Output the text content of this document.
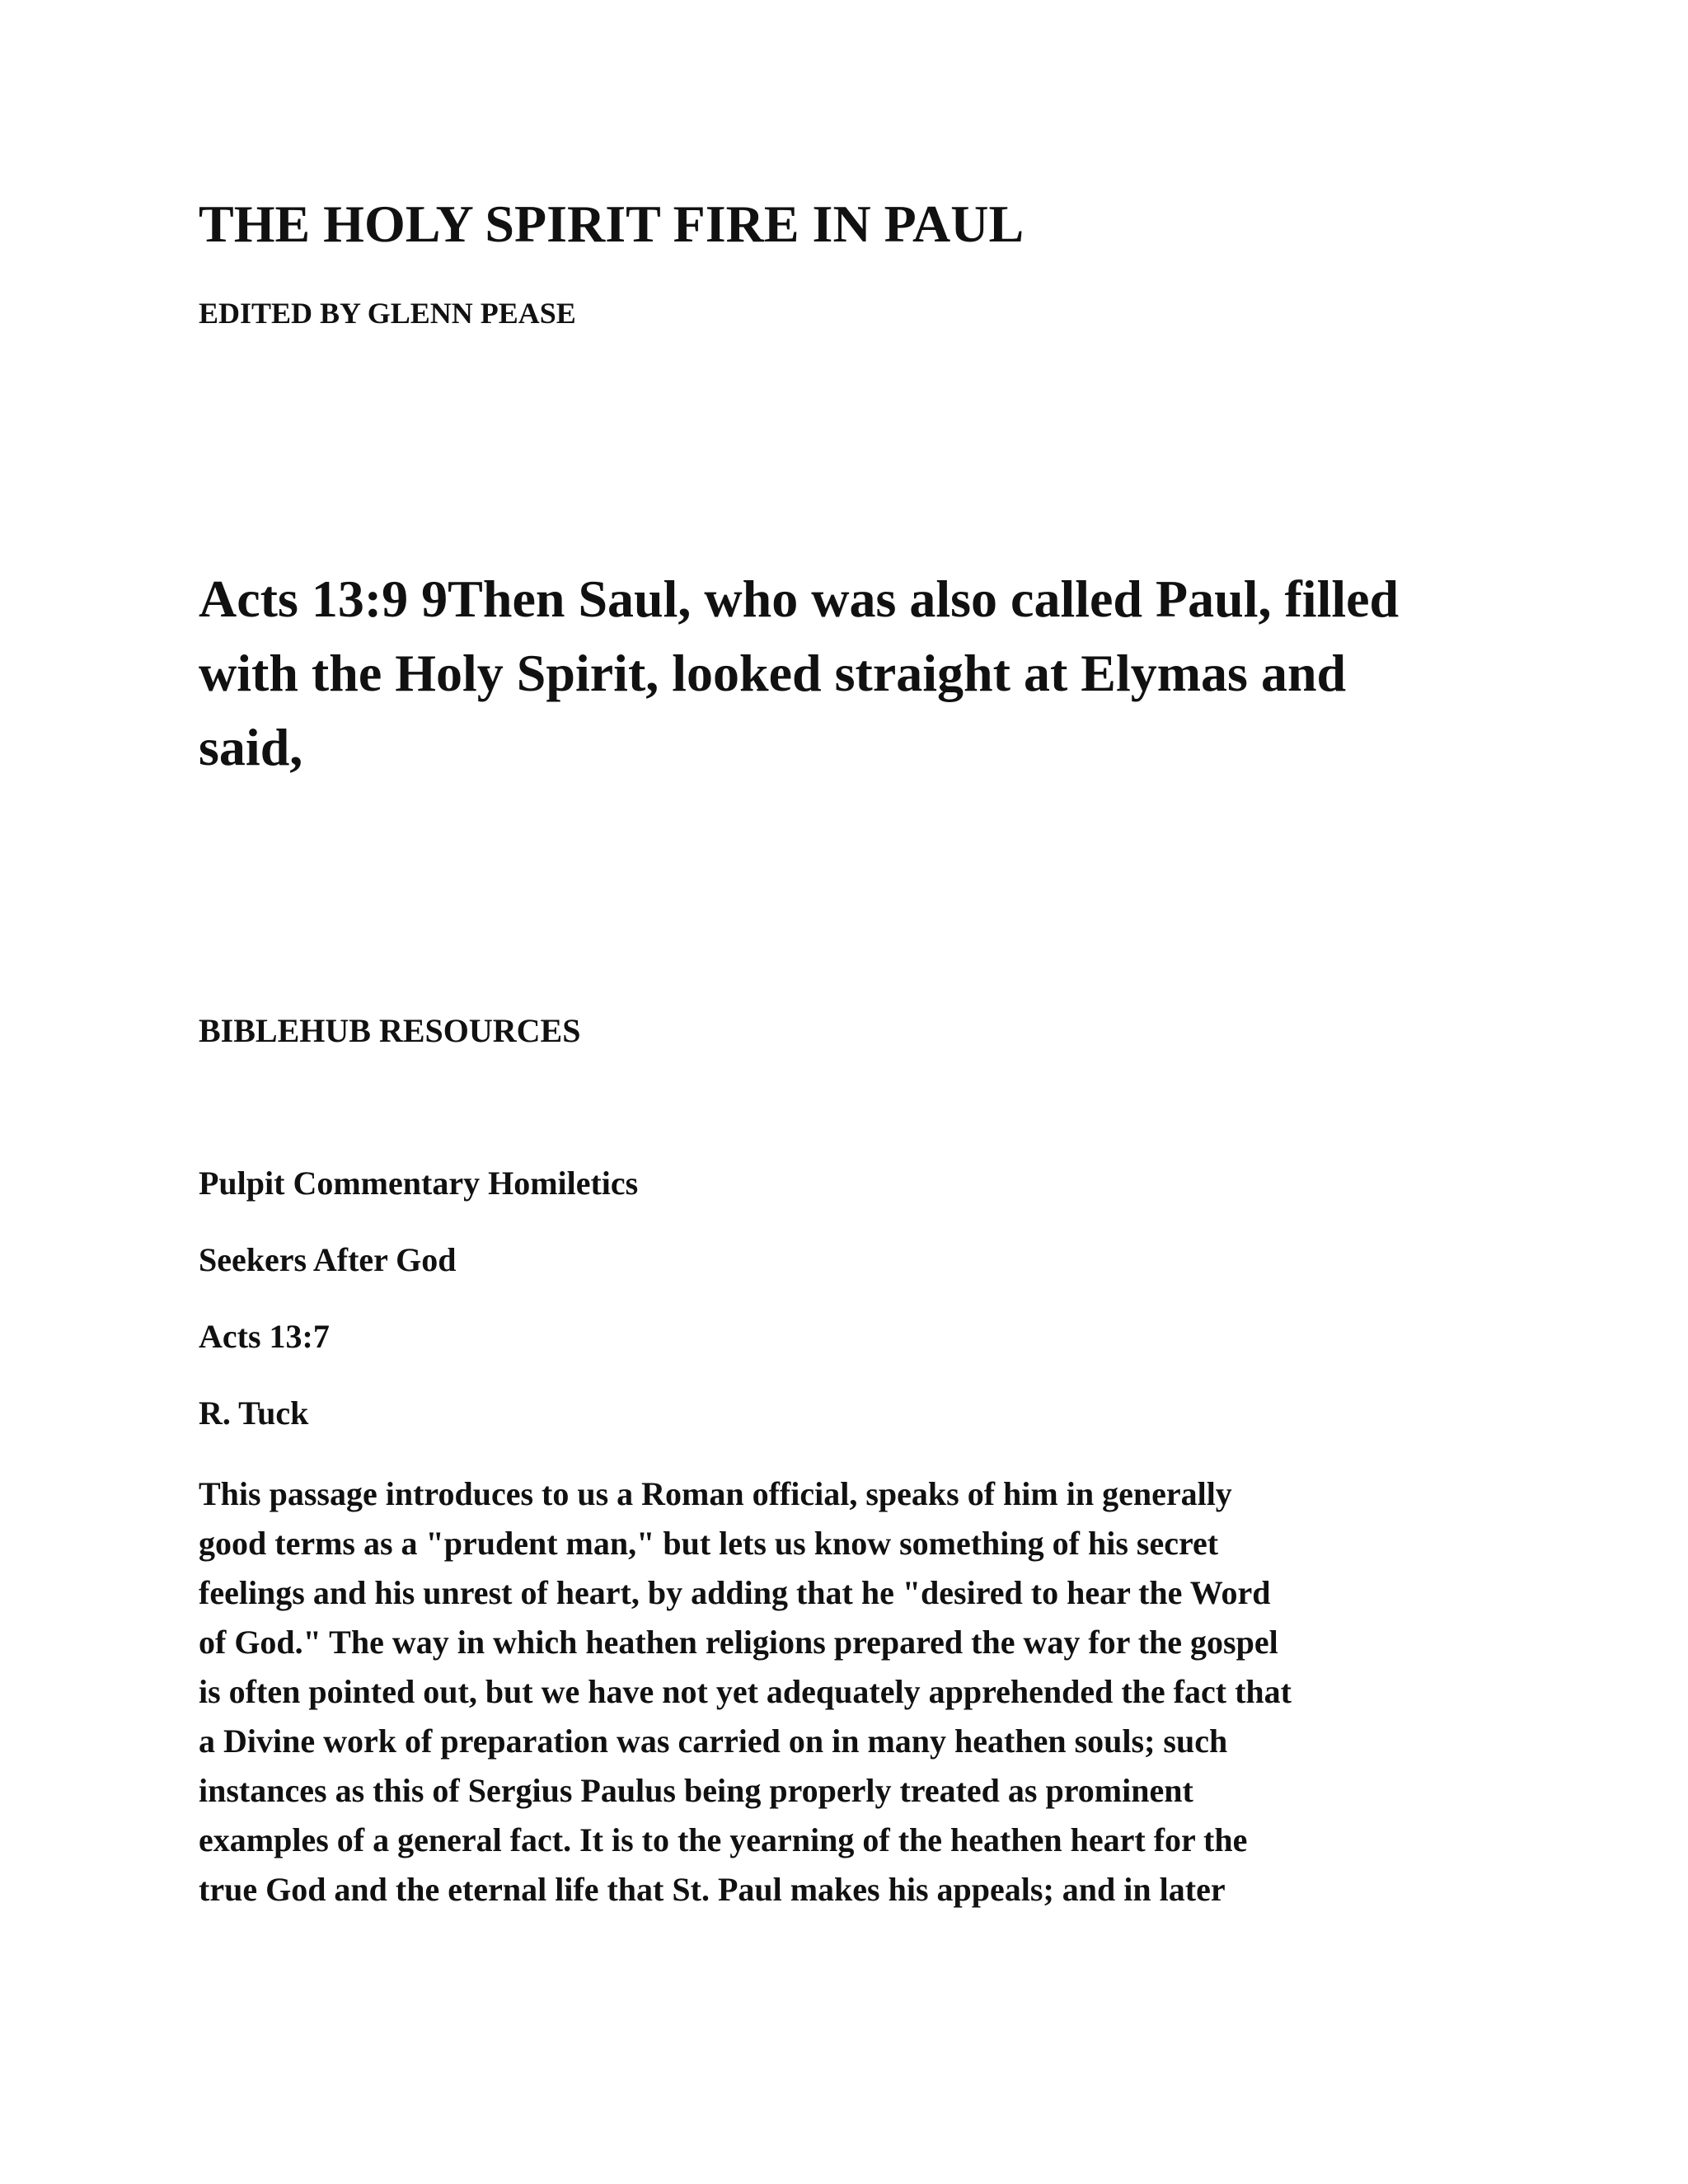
THE HOLY SPIRIT FIRE IN PAUL
EDITED BY GLENN PEASE
Acts 13:9 9Then Saul, who was also called Paul, filled
with the Holy Spirit, looked straight at Elymas and
said,
BIBLEHUB RESOURCES
Pulpit Commentary Homiletics
Seekers After God
Acts 13:7
R. Tuck
This passage introduces to us a Roman official, speaks of him in generally
good terms as a "prudent man," but lets us know something of his secret
feelings and his unrest of heart, by adding that he "desired to hear the Word
of God." The way in which heathen religions prepared the way for the gospel
is often pointed out, but we have not yet adequately apprehended the fact that
a Divine work of preparation was carried on in many heathen souls; such
instances as this of Sergius Paulus being properly treated as prominent
examples of a general fact. It is to the yearning of the heathen heart for the
true God and the eternal life that St. Paul makes his appeals; and in later
